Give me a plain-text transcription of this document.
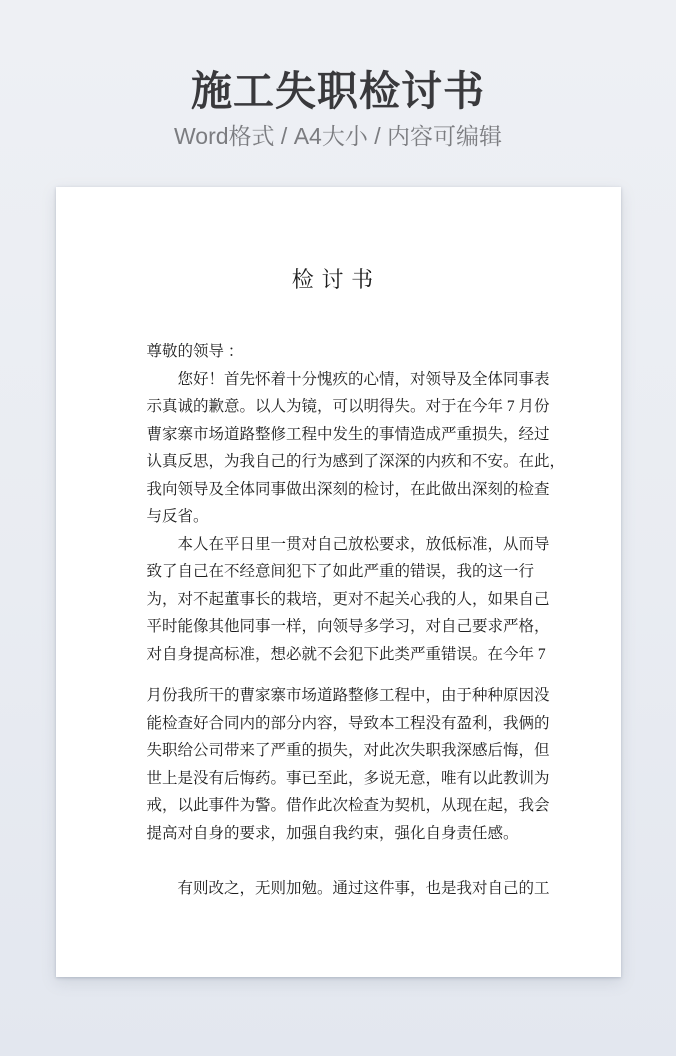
施工失职检讨书

Word格式 / A4大小 / 内容可编辑

检讨书
尊敬的领导 ：
　　您好！首先怀着十分愧疚的心情，对领导及全体同事表
示真诚的歉意。以人为镜，可以明得失。对于在今年 7 月份
曹家寨市场道路整修工程中发生的事情造成严重损失，经过
认真反思，为我自己的行为感到了深深的内疚和不安。在此，
我向领导及全体同事做出深刻的检讨，在此做出深刻的检查
与反省。
　　本人在平日里一贯对自己放松要求，放低标准，从而导
致了自己在不经意间犯下了如此严重的错误，我的这一行
为，对不起董事长的栽培，更对不起关心我的人，如果自己
平时能像其他同事一样，向领导多学习，对自己要求严格，
对自身提高标准，想必就不会犯下此类严重错误。在今年 7
月份我所干的曹家寨市场道路整修工程中，由于种种原因没
能检查好合同内的部分内容，导致本工程没有盈利，我俩的
失职给公司带来了严重的损失，对此次失职我深感后悔，但
世上是没有后悔药。事已至此，多说无意，唯有以此教训为
戒，以此事件为警。借作此次检查为契机，从现在起，我会
提高对自身的要求，加强自我约束，强化自身责任感。
　　有则改之，无则加勉。通过这件事，也是我对自己的工
